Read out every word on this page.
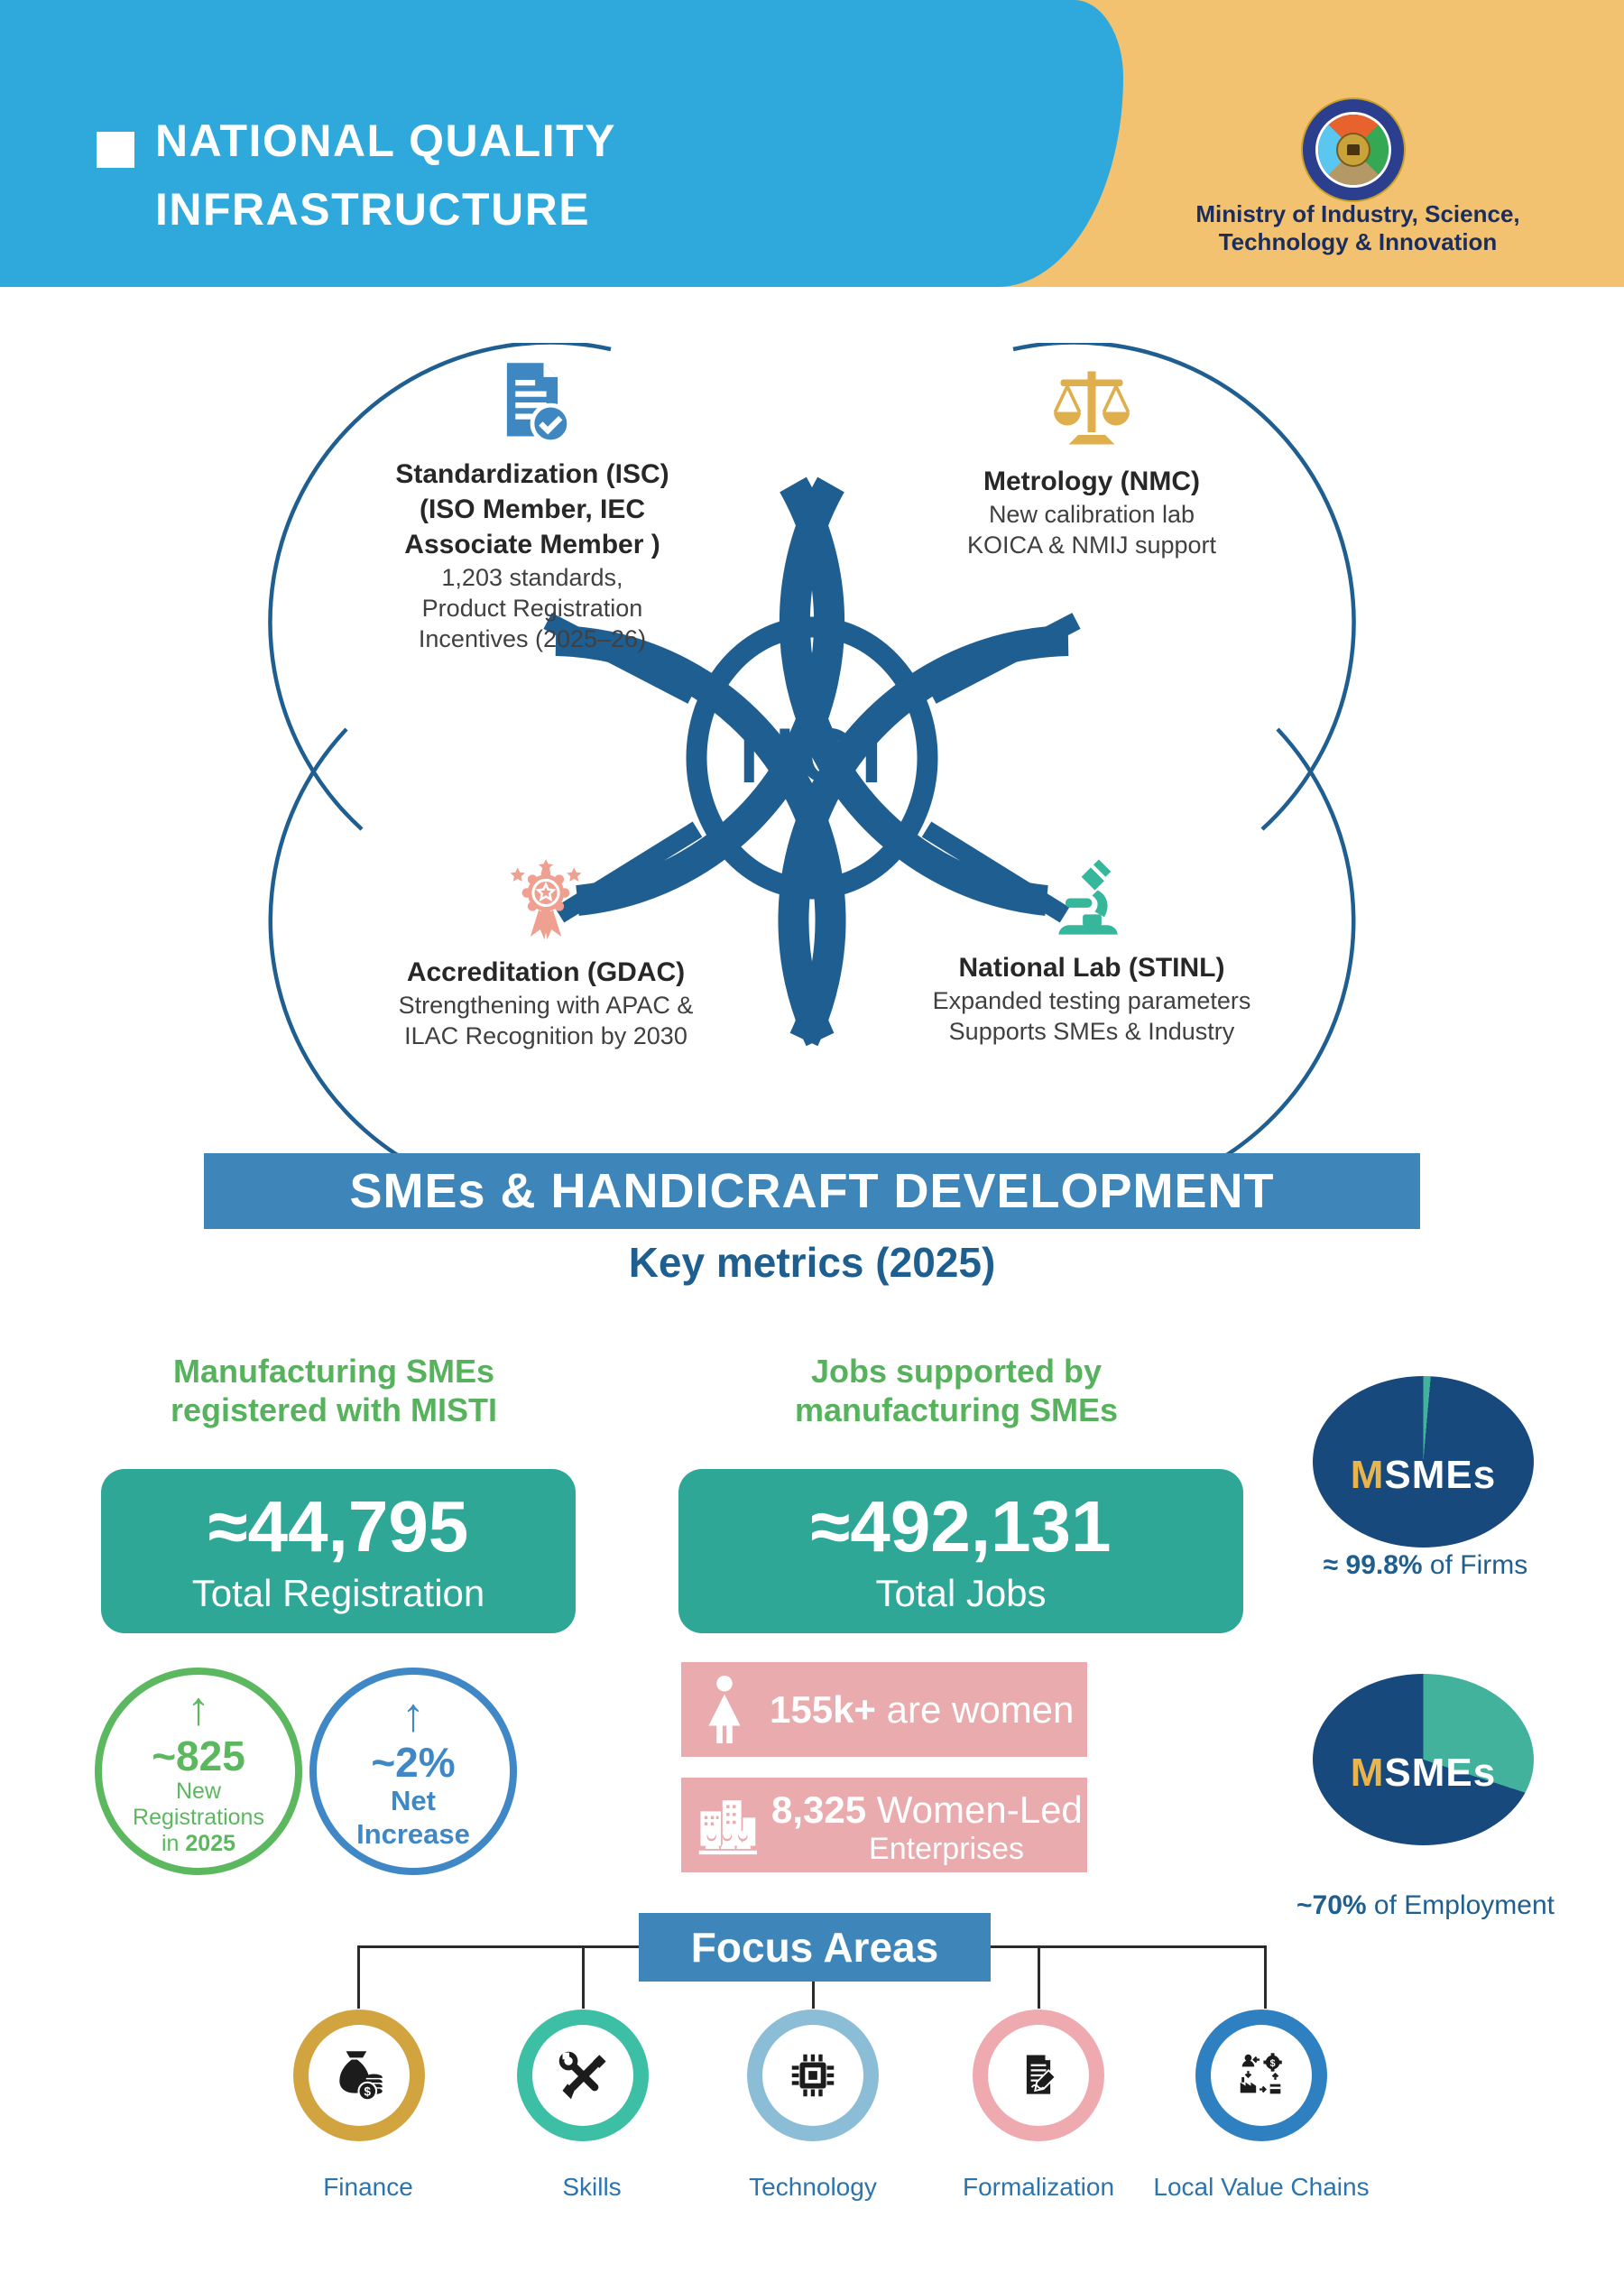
NATIONAL QUALITY
INFRASTRUCTURE	Ministry of Industry, Science,
Technology & Innovation
NQI
Standardization (ISC)
(ISO Member, IEC
Associate Member )
1,203 standards,
Product Registration
Incentives (2025–26)
Metrology (NMC)
New calibration lab
KOICA & NMIJ support
Accreditation (GDAC)
Strengthening with APAC &
ILAC Recognition by 2030
National Lab (STINL)
Expanded testing parameters
Supports SMEs & Industry
SMEs & HANDICRAFT DEVELOPMENT
Key metrics (2025)
Manufacturing SMEs
registered with MISTI
≈44,795
Total Registration
Jobs supported by
manufacturing SMEs
≈492,131
Total Jobs
↑
~825
New
Registrations
in 2025
↑
~2%
Net
Increase
155k+ are women
8,325 Women-Led
Enterprises
MSMEs
≈ 99.8% of Firms
MSMEs
~70% of Employment
Focus Areas
$
$
Finance	Skills	Technology	Formalization	Local Value Chains
